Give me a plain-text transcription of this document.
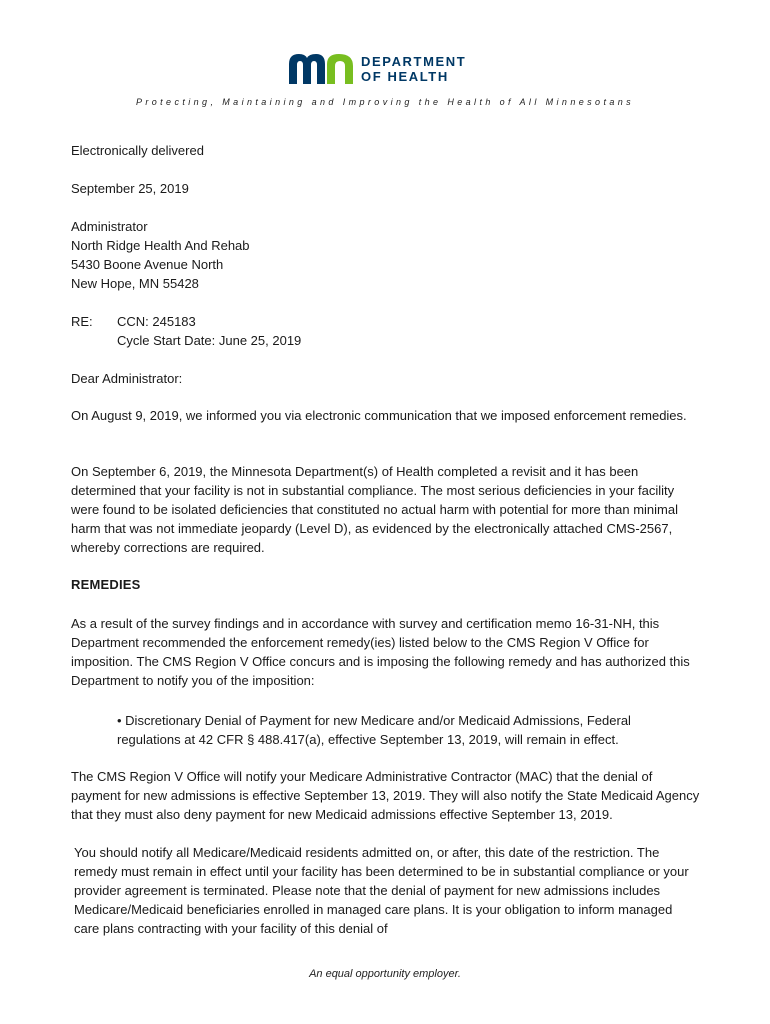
DEPARTMENT
OF HEALTH
Protecting, Maintaining and Improving the Health of All Minnesotans
Electronically delivered
September 25, 2019

Administrator

North Ridge Health And Rehab

5430 Boone Avenue North

New Hope, MN 55428

RE: CCN: 245183

Cycle Start Date: June 25, 2019

Dear Administrator:
On August 9, 2019, we informed you via electronic communication that we imposed enforcement remedies.
On September 6, 2019, the Minnesota Department(s) of Health completed a revisit and it has been determined that your facility is not in substantial compliance. The most serious deficiencies in your facility were found to be isolated deficiencies that constituted no actual harm with potential for more than minimal harm that was not immediate jeopardy (Level D), as evidenced by the electronically attached CMS-2567, whereby corrections are required.
REMEDIES
As a result of the survey findings and in accordance with survey and certification memo 16-31-NH, this Department recommended the enforcement remedy(ies) listed below to the CMS Region V Office for imposition. The CMS Region V Office concurs and is imposing the following remedy and has authorized this Department to notify you of the imposition:
• Discretionary Denial of Payment for new Medicare and/or Medicaid Admissions, Federal regulations at 42 CFR § 488.417(a), effective September 13, 2019, will remain in effect.
The CMS Region V Office will notify your Medicare Administrative Contractor (MAC) that the denial of payment for new admissions is effective September 13, 2019. They will also notify the State Medicaid Agency that they must also deny payment for new Medicaid admissions effective September 13, 2019.
You should notify all Medicare/Medicaid residents admitted on, or after, this date of the restriction. The remedy must remain in effect until your facility has been determined to be in substantial compliance or your provider agreement is terminated. Please note that the denial of payment for new admissions includes Medicare/Medicaid beneficiaries enrolled in managed care plans. It is your obligation to inform managed care plans contracting with your facility of this denial of
An equal opportunity employer.
